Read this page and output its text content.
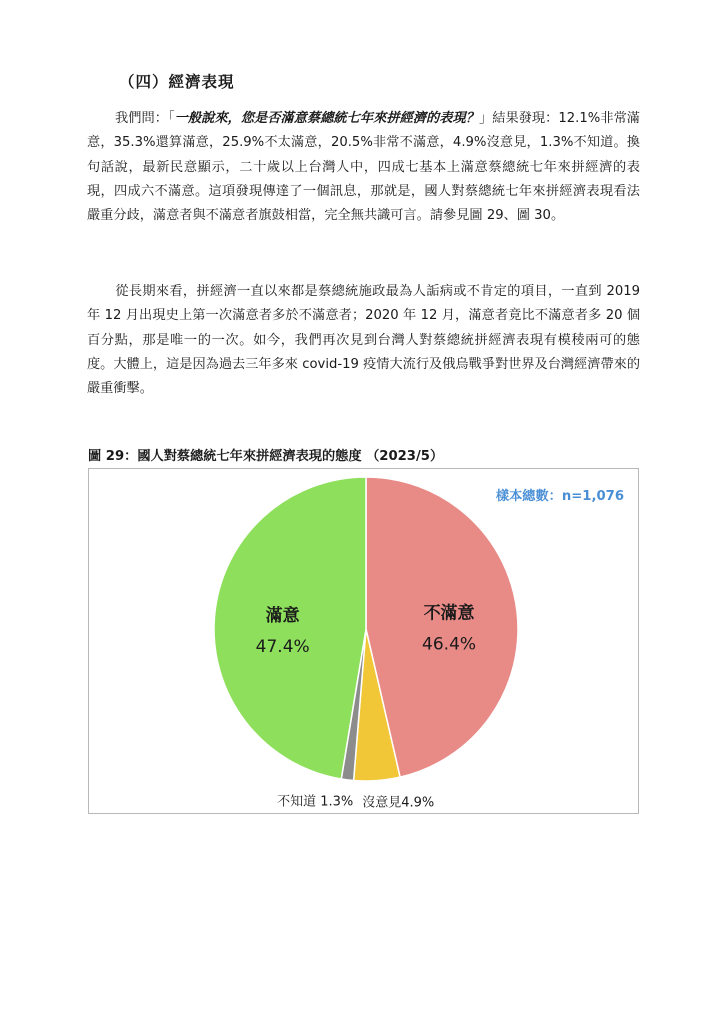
（四）經濟表現

我們問：「一般說來，您是否滿意蔡總統七年來拼經濟的表現？」結果發現：12.1%非常滿意，35.3%還算滿意，25.9%不太滿意，20.5%非常不滿意，4.9%沒意見，1.3%不知道。換句話說，最新民意顯示，二十歲以上台灣人中，四成七基本上滿意蔡總統七年來拼經濟的表現，四成六不滿意。這項發現傳達了一個訊息，那就是，國人對蔡總統七年來拼經濟表現看法嚴重分歧，滿意者與不滿意者旗鼓相當，完全無共識可言。請參見圖 29、圖 30。

從長期來看，拼經濟一直以來都是蔡總統施政最為人詬病或不肯定的項目，一直到 2019 年 12 月出現史上第一次滿意者多於不滿意者；2020 年 12 月，滿意者竟比不滿意者多 20 個百分點，那是唯一的一次。如今，我們再次見到台灣人對蔡總統拼經濟表現有模稜兩可的態度。大體上，這是因為過去三年多來 covid-19 疫情大流行及俄烏戰爭對世界及台灣經濟帶來的嚴重衝擊。

圖 29：國人對蔡總統七年來拼經濟表現的態度 （2023/5）
樣本總數：n=1,076
不滿意
46.4%
沒意見4.9%
不知道 1.3%
滿意
47.4%
